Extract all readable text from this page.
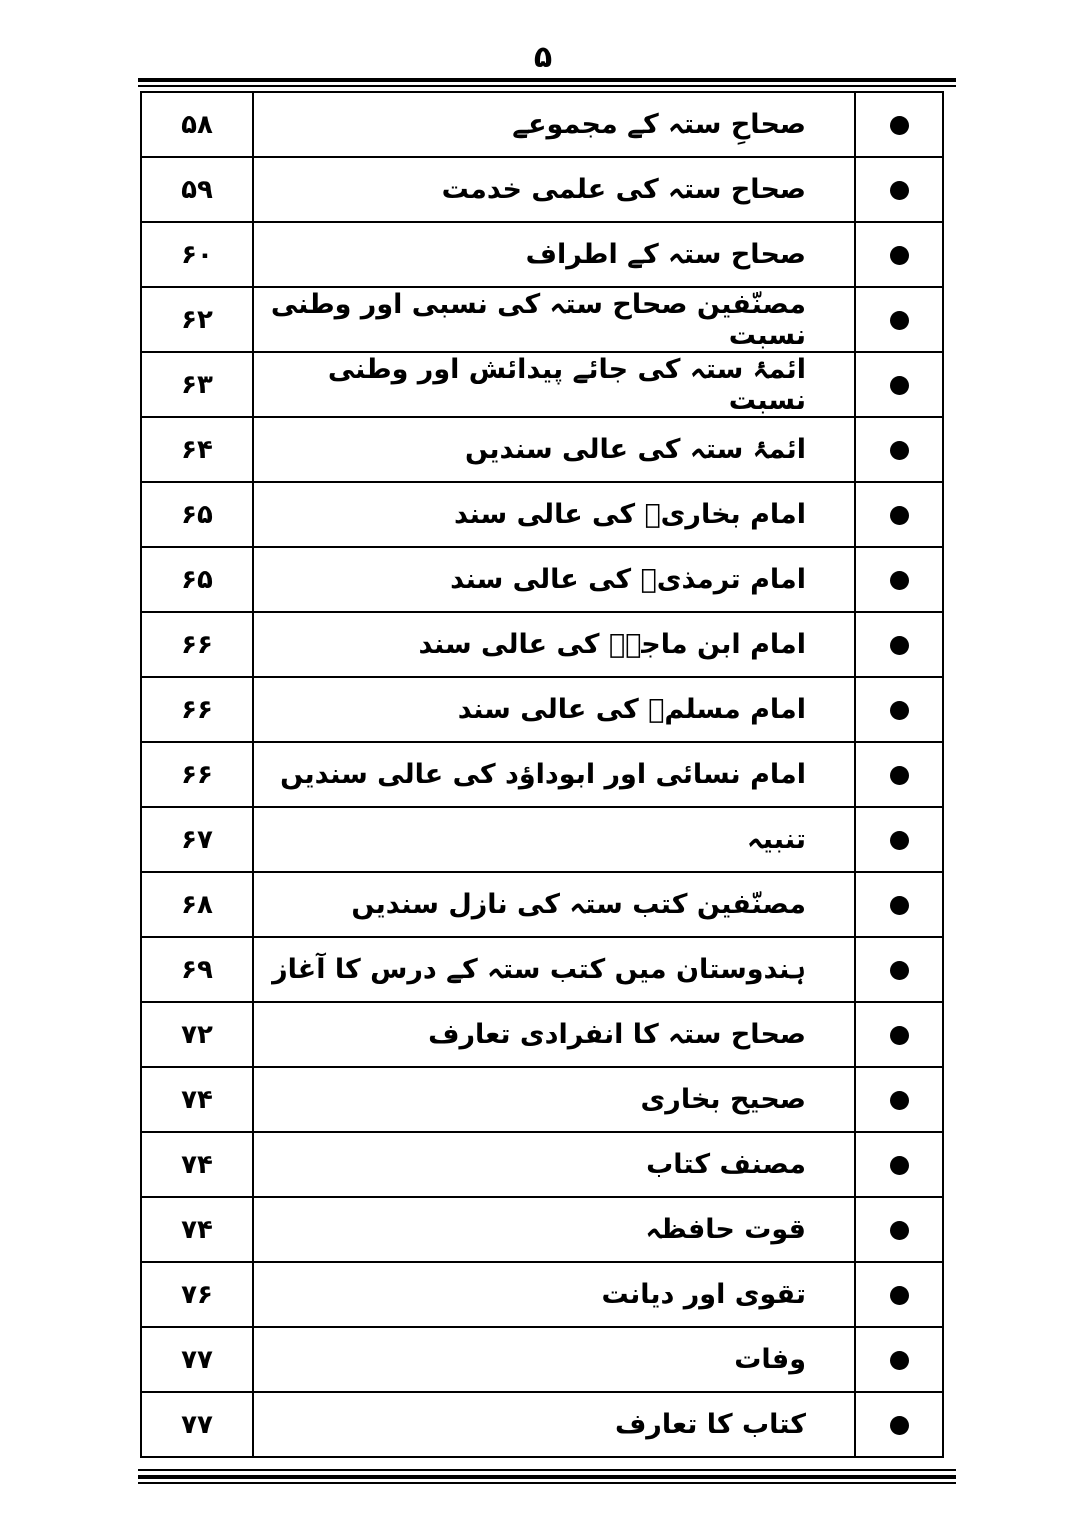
۵
۵۸	صحاحِ ستہ کے مجموعے	
۵۹	صحاح ستہ کی علمی خدمت	
۶۰	صحاح ستہ کے اطراف	
۶۲	مصنّفین صحاح ستہ کی نسبی اور وطنی نسبت	
۶۳	ائمۂ ستہ کی جائے پیدائش اور وطنی نسبت	
۶۴	ائمۂ ستہ کی عالی سندیں	
۶۵	امام بخاریؒ کی عالی سند	
۶۵	امام ترمذیؒ کی عالی سند	
۶۶	امام ابن ماجہؒ کی عالی سند	
۶۶	امام مسلمؒ کی عالی سند	
۶۶	امام نسائی اور ابوداؤد کی عالی سندیں	
۶۷	تنبیہ	
۶۸	مصنّفین کتب ستہ کی نازل سندیں	
۶۹	ہندوستان میں کتب ستہ کے درس کا آغاز	
۷۲	صحاح ستہ کا انفرادی تعارف	
۷۴	صحیح بخاری	
۷۴	مصنف کتاب	
۷۴	قوت حافظہ	
۷۶	تقوی اور دیانت	
۷۷	وفات	
۷۷	کتاب کا تعارف	
